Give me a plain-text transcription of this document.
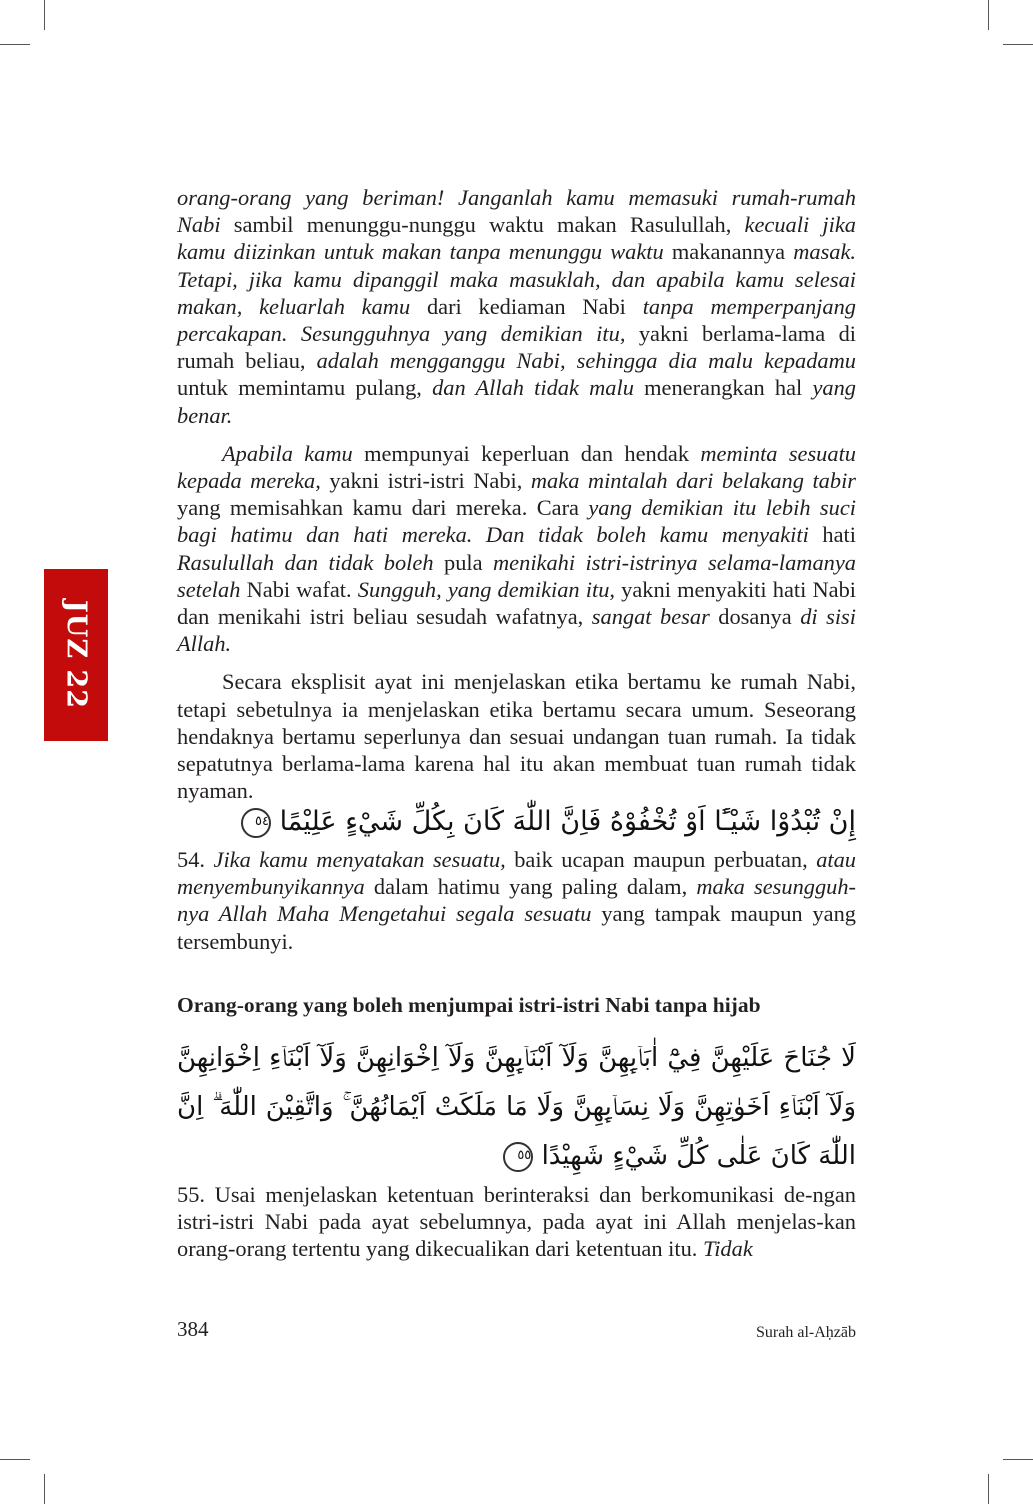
JUZ 22

orang-orang yang beriman! Janganlah kamu memasuki rumah-rumah Nabi sambil menunggu-nunggu waktu makan Rasulullah, kecuali jika kamu diizinkan untuk makan tanpa menunggu waktu makanannya masak. Tetapi, jika kamu dipanggil maka masuklah, dan apabila kamu selesai makan, keluarlah kamu dari kediaman Nabi tanpa memperpanjang percakapan. Sesungguhnya yang demikian itu, yakni berlama-lama di rumah beliau, adalah mengganggu Nabi, sehingga dia malu kepadamu untuk memintamu pulang, dan Allah tidak malu menerangkan hal yang benar.

Apabila kamu mempunyai keperluan dan hendak meminta sesuatu kepada mereka, yakni istri-istri Nabi, maka mintalah dari belakang tabir yang memisahkan kamu dari mereka. Cara yang demikian itu lebih suci bagi hatimu dan hati mereka. Dan tidak boleh kamu menyakiti hati Rasulullah dan tidak boleh pula menikahi istri-istrinya selama-lamanya setelah Nabi wafat. Sungguh, yang demikian itu, yakni menyakiti hati Nabi dan menikahi istri beliau sesudah wafatnya, sangat besar dosanya di sisi Allah.

Secara eksplisit ayat ini menjelaskan etika bertamu ke rumah Nabi, tetapi sebetulnya ia menjelaskan etika bertamu secara umum. Seseorang hendaknya bertamu seperlunya dan sesuai undangan tuan rumah. Ia tidak sepatutnya berlama-lama karena hal itu akan membuat tuan rumah tidak nyaman.

إِنْ تُبْدُوْا شَيْـًٔا اَوْ تُخْفُوْهُ فَاِنَّ اللّٰهَ كَانَ بِكُلِّ شَيْءٍ عَلِيْمًا ٥٤

54. Jika kamu menyatakan sesuatu, baik ucapan maupun perbuatan, atau menyembunyikannya dalam hatimu yang paling dalam, maka sesungguh-nya Allah Maha Mengetahui segala sesuatu yang tampak maupun yang tersembunyi.

Orang-orang yang boleh menjumpai istri-istri Nabi tanpa hijab
لَا جُنَاحَ عَلَيْهِنَّ فِيْٓ اٰبَاۤىِٕهِنَّ وَلَآ اَبْنَاۤىِٕهِنَّ وَلَآ اِخْوَانِهِنَّ وَلَآ اَبْنَاۤءِ اِخْوَانِهِنَّ وَلَآ اَبْنَاۤءِ اَخَوٰتِهِنَّ وَلَا نِسَاۤىِٕهِنَّ وَلَا مَا مَلَكَتْ اَيْمَانُهُنَّ ۚ وَاتَّقِيْنَ اللّٰهَ ۗ اِنَّ اللّٰهَ كَانَ عَلٰى كُلِّ شَيْءٍ شَهِيْدًا ٥٥

55. Usai menjelaskan ketentuan berinteraksi dan berkomunikasi de-ngan istri-istri Nabi pada ayat sebelumnya, pada ayat ini Allah menjelas-kan orang-orang tertentu yang dikecualikan dari ketentuan itu. Tidak

384	Surah al-Aḥzāb
